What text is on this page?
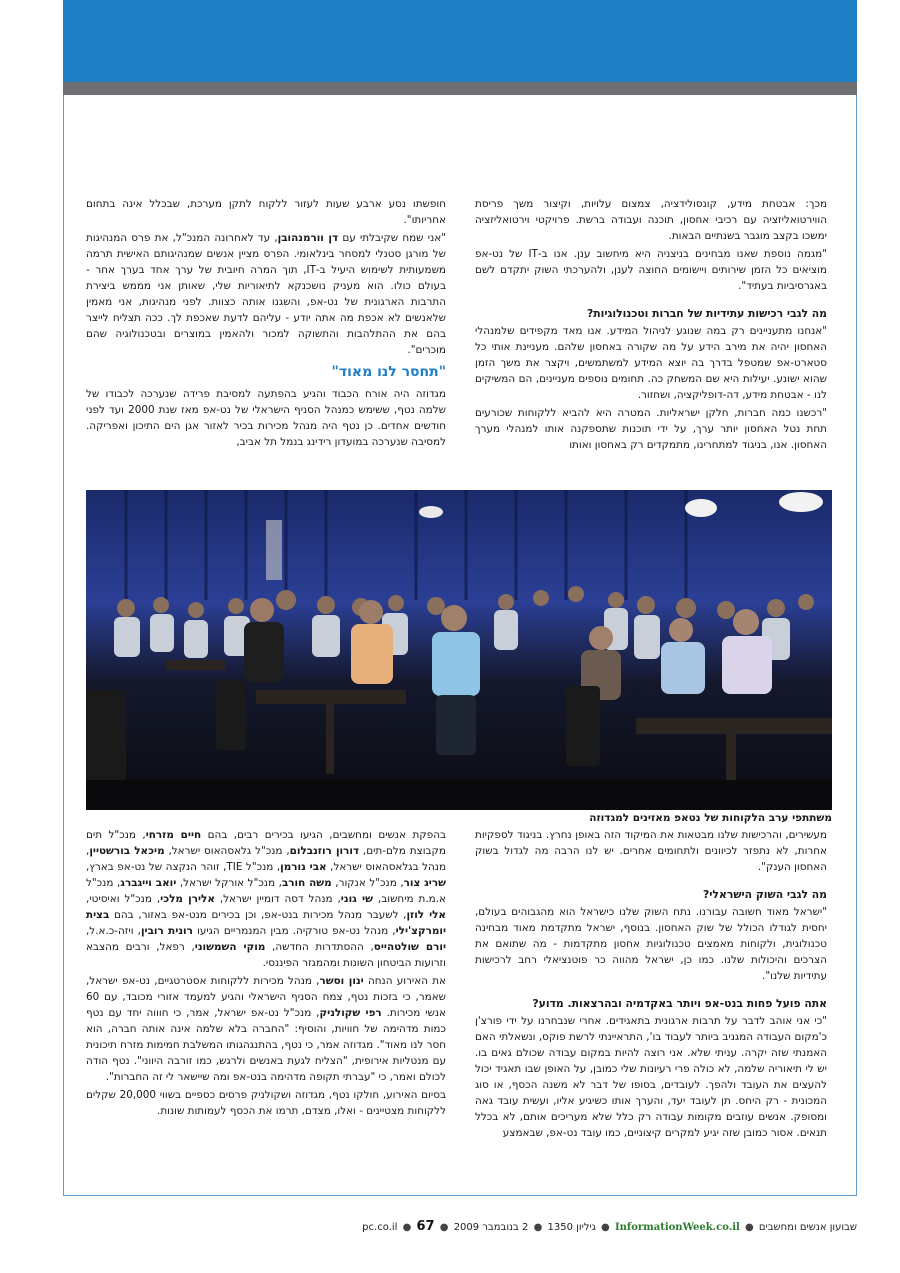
מכך: אבטחת מידע, קונסולידציה, צמצום עלויות, וקיצור משך פריסת הווירטואליזציה עם רכיבי אחסון, תוכנה ועבודה ברשת. פרויקטי וירטואליזציה ימשכו בקצב מוגבר בשנתיים הבאות.

"מגמה נוספת שאנו מבחינים בניצניה היא מיחשוב ענן. אנו ב-IT של נט-אפ מוציאים כל הזמן שירותים ויישומים החוצה לענן, ולהערכתי השוק יתקדם לשם באגרסיביות בעתיד".

מה לגבי רכישות עתידיות של חברות וטכנולוגיות?

"אנחנו מתעניינים רק במה שנוגע לניהול המידע. אנו מאד מקפידים שלמנהלי האחסון יהיה את מירב הידע על מה שקורה באחסון שלהם. מעניינת אותי כל סטארט-אפ שמטפל בדרך בה יוצא המידע למשתמשים, ויקצר את משך הזמן שהוא ישונע. יעילות היא שם המשחק כה. תחומים נוספים מעניינים, הם המשיקים לנו - אבטחת מידע, דה-דופליקציה, ושחזור.

"רכשנו כמה חברות, חלקן ישראליות. המטרה היא להביא ללקוחות שכורעים תחת נטל האחסון יותר ערך, על ידי תוכנות שתספקנה אותו למנהלי מערך האחסון. אנו, בניגוד למתחרינו, מתמקדים רק באחסון ואותו

חופשתו נסע ארבע שעות לעזור ללקוח לתקן מערכת, שבכלל אינה בתחום אחריותו".

"אני שמח שקיבלתי עם דן וורמנהובן, עד לאחרונה המנכ"ל, את פרס המנהיגות של מורגן סטנלי למסחר בינלאומי. הפרס מציין אנשים שמנהיגותם האישית תרמה משמעותית לשימוש היעיל ב-IT, תוך המרה חיובית של ערך אחד בערך אחר - בעולם כולו. הוא מעניק נושכנקא לתיאוריות שלי, שאותן אני מממש ביצירת התרבות הארגונית של נט-אפ, והשגנו אותה כצוות. לפני מנהיגות, אני מאמין שלאנשים לא אכפת מה אתה יודע - עליהם לדעת שאכפת לך. ככה תצליח לייצר בהם את ההתלהבות והתשוקה למכור ולהאמין במוצרים ובטכנולוגיה שהם מוכרים".

"תחסר לנו מאוד"

מגדוזה היה אורח הכבוד והגיע בהפתעה למסיבת פרידה שנערכה לכבודו של שלמה נטף, ששימש כמנהל הסניף הישראלי של נט-אפ מאז שנת 2000 ועד לפני חודשים אחדים. כן נטף היה מנהל מכירות בכיר לאזור אגן הים התיכון ואפריקה. למסיבה שנערכה במועדון רידינג בנמל תל אביב,

משתתפי ערב הלקוחות של נטאפ מאזינים למגדוזה

מעשירים, והרכישות שלנו מבטאות את המיקוד הזה באופן נחרץ. בניגוד לספקיות אחרות, לא נתפזר לכיוונים ולתחומים אחרים. יש לנו הרבה מה לגדול בשוק האחסון הענק".

מה לגבי השוק הישראלי?

"ישראל מאוד חשובה עבורנו. נתח השוק שלנו כישראל הוא מהגבוהים בעולם, יחסית לגודלו הכולל של שוק האחסון. בנוסף, ישראל מתקדמת מאוד מבחינה טכנולוגית, ולקוחות מאמצים טכנולוגיות אחסון מתקדמות - מה שתואם את הצרכים והיכולות שלנו. כמו כן, ישראל מהווה כר פוטנציאלי רחב לרכישות עתידיות שלנו".

אתה פועל פחות בנט-אפ ויותר באקדמיה ובהרצאות. מדוע?

"כי אני אוהב לדבר על תרבות ארגונית בתאגידים. אחרי שנבחרנו על ידי פורצ'ן כ'מקום העבודה המגניב ביותר לעבוד בו', התראיינתי לרשת פוקס, ונשאלתי האם האמנתי שזה יקרה. עניתי שלא. אני רוצה להיות במקום עבודה שכולם גאים בו. יש לי תיאוריה שלמה, לא כולה פרי רעיונות שלי כמובן, על האופן שבו תאגיד יכול להעצים את העובד ולהפך. לעובדים, בסופו של דבר לא משנה הכסף, או סוג המכונית - רק היחס. תן לעובד יעד, והערך אותו כשיגיע אליו, ועשית עובד גאה ומסופק. אנשים עוזבים מקומות עבודה רק כלל שלא מעריכים אותם, לא בכלל תנאים. אסור כמובן שזה יגיע למקרים קיצוניים, כמו עובד נט-אפ, שבאמצע

בהפקת אנשים ומחשבים, הגיעו בכירים רבים, בהם חיים מזרחי, מנכ"ל תים מקבוצת מלם-תים, דורון רוזנבלום, מנכ"ל גלאסהאוס ישראל, מיכאל בורשטיין, מנהל בגלאסהאוס ישראל, אבי נורמן, מנכ"ל TIE, זוהר הנקצה של נט-אפ בארץ, שריג צור, מנכ"ל אנקור, משה חורב, מנכ"ל אורקל ישראל, יואב וייגברג, מנכ"ל א.מ.ת מיחשוב, שי גוני, מנהל דסה דומיין ישראל, אלירן מלכי, מנכ"ל ואיסיטי, אלי לוזן, לשעבר מנהל מכירות בנט-אפ, וכן בכירים מנט-אפ באזור, בהם בצית יומרקצ'ילי, מנהל נט-אפ טורקיה. מבין המנמריים הגיעו רונית רובין, ויזה-כ.א.ל, יורם שולטהייס, ההסתדרות החדשה, מוקי השמשוני, רפאל, ורבים מהצבא וזרועות הביטחון השונות ומהמגזר הפיננסי.

את האירוע הנחה ינון וסשר, מנהל מכירות ללקוחות אסטרטגיים, נט-אפ ישראל, שאמר, כי בזכות נטף, צמח הסניף הישראלי והגיע למעמד אזורי מכובד, עם 60 אנשי מכירות. רפי שקולניק, מנכ"ל נט-אפ ישראל, אמר, כי חוווה יחד עם נטף כמות מדהימה של חוויות, והוסיף: "החברה בלא שלמה אינה אותה חברה, הוא חסר לנו מאוד". מגדוזה אמר, כי נטף, בהתנגהגותו המשלבת חמימות מזרח תיכונית עם מנטליות אירופית, "הצליח לגעת באנשים ולרגש, כמו זורבה היווני". נטף הודה לכולם ואמר, כי "עברתי תקופה מדהימה בנט-אפ ומה שיישאר לי זה החברות".

בסיום האירוע, חולקו נטף, מגדוזה ושקולניק פרסים כספיים בשווי 20,000 שקלים ללקוחות מצטיינים - ואלו, מצדם, תרמו את הכסף לעמותות שונות.

שבועון אנשים ומחשבים ● InformationWeek.co.il ● גיליון 1350 ● 2 בנובמבר 2009 ● pc.co.il ● 67
